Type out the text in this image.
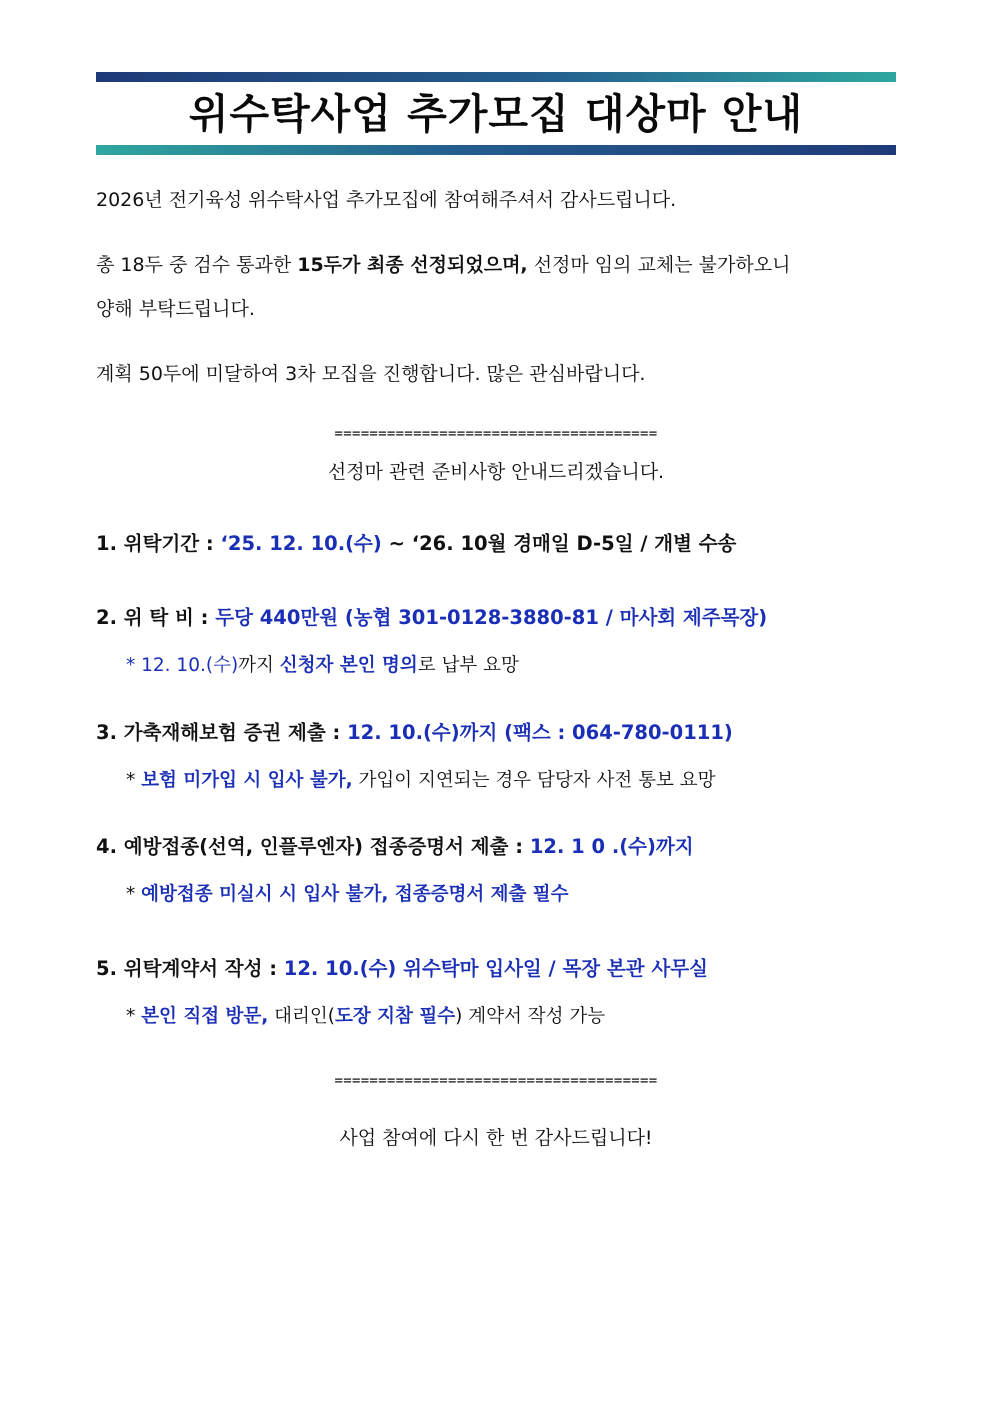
위수탁사업 추가모집 대상마 안내
2026년 전기육성 위수탁사업 추가모집에 참여해주셔서 감사드립니다.
총 18두 중 검수 통과한 15두가 최종 선정되었으며, 선정마 임의 교체는 불가하오니
양해 부탁드립니다.
계획 50두에 미달하여 3차 모집을 진행합니다. 많은 관심바랍니다.
=====================================
선정마 관련 준비사항 안내드리겠습니다.
1. 위탁기간 : ‘25. 12. 10.(수) ~ ‘26. 10월 경매일 D-5일 / 개별 수송
2. 위 탁 비 : 두당 440만원 (농협 301-0128-3880-81 / 마사회 제주목장)
* 12. 10.(수)까지 신청자 본인 명의로 납부 요망
3. 가축재해보험 증권 제출 : 12. 10.(수)까지 (팩스 : 064-780-0111)
* 보험 미가입 시 입사 불가, 가입이 지연되는 경우 담당자 사전 통보 요망
4. 예방접종(선역, 인플루엔자) 접종증명서 제출 : 12. 1 0 .(수)까지
* 예방접종 미실시 시 입사 불가, 접종증명서 제출 필수
5. 위탁계약서 작성 : 12. 10.(수) 위수탁마 입사일 / 목장 본관 사무실
* 본인 직접 방문, 대리인(도장 지참 필수) 계약서 작성 가능
=====================================
사업 참여에 다시 한 번 감사드립니다!
